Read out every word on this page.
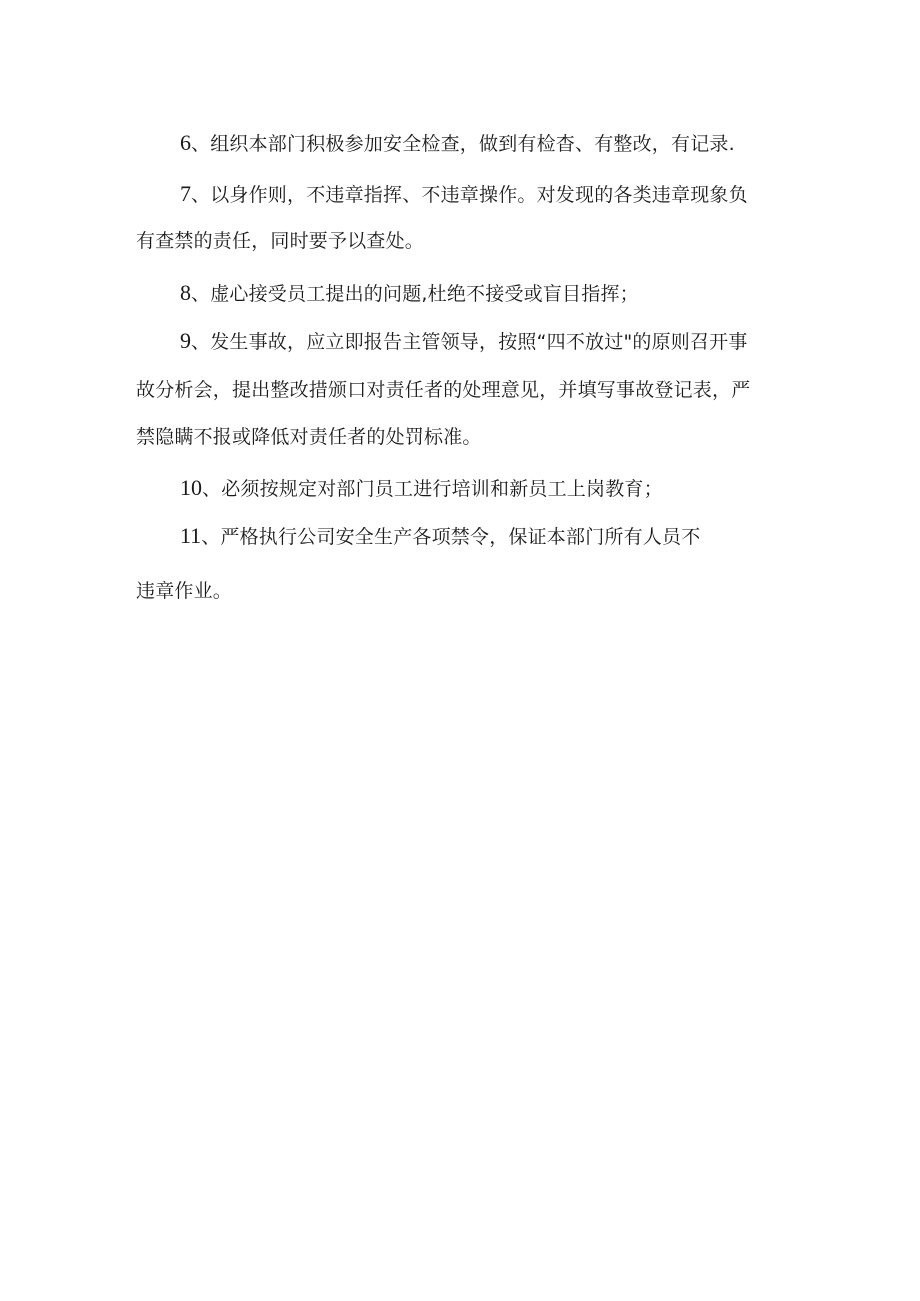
6、组织本部门积极参加安全检查，做到有检杳、有整改，有记录.
7、以身作则，不违章指挥、不违章操作。对发现的各类违章现象负
有查禁的责任，同时要予以查处。
8、虚心接受员工提出的问题,杜绝不接受或盲目指挥；
9、发生事故，应立即报告主管领导，按照“四不放过"的原则召开事
故分析会，提出整改措颁口对责任者的处理意见，并填写事故登记表，严
禁隐瞒不报或降低对责任者的处罚标准。
10、必须按规定对部门员工进行培训和新员工上岗教育；
11、严格执行公司安全生产各项禁令，保证本部门所有人员不
违章作业。
